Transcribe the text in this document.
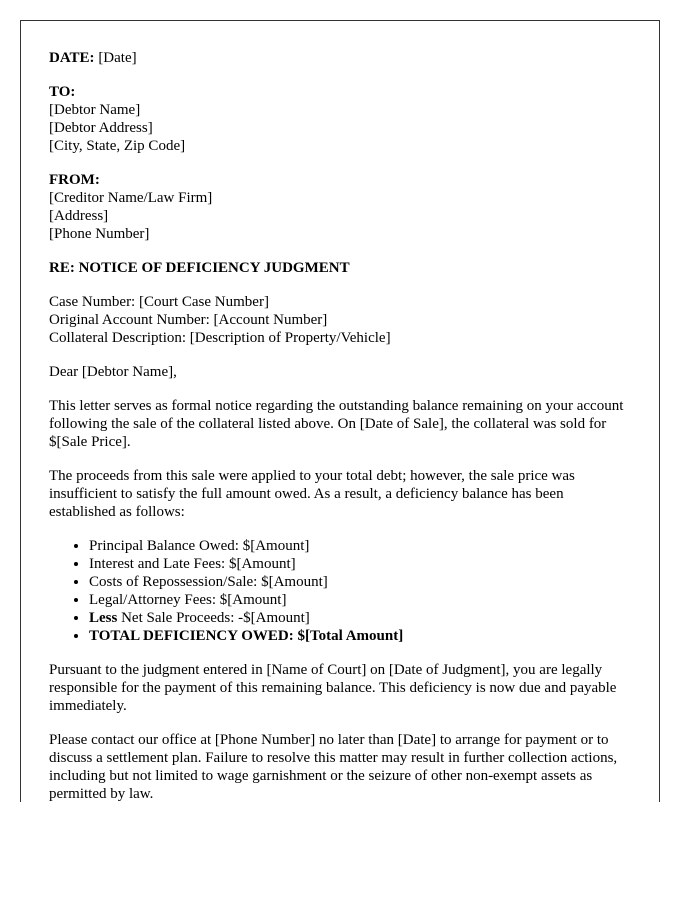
DATE: [Date]

TO:
[Debtor Name]
[Debtor Address]
[City, State, Zip Code]

FROM:
[Creditor Name/Law Firm]
[Address]
[Phone Number]

RE: NOTICE OF DEFICIENCY JUDGMENT

Case Number: [Court Case Number]
Original Account Number: [Account Number]
Collateral Description: [Description of Property/Vehicle]

Dear [Debtor Name],

This letter serves as formal notice regarding the outstanding balance remaining on your account following the sale of the collateral listed above. On [Date of Sale], the collateral was sold for $[Sale Price].

The proceeds from this sale were applied to your total debt; however, the sale price was insufficient to satisfy the full amount owed. As a result, a deficiency balance has been established as follows:

• Principal Balance Owed: $[Amount]
• Interest and Late Fees: $[Amount]
• Costs of Repossession/Sale: $[Amount]
• Legal/Attorney Fees: $[Amount]
• Less Net Sale Proceeds: -$[Amount]
• TOTAL DEFICIENCY OWED: $[Total Amount]

Pursuant to the judgment entered in [Name of Court] on [Date of Judgment], you are legally responsible for the payment of this remaining balance. This deficiency is now due and payable immediately.

Please contact our office at [Phone Number] no later than [Date] to arrange for payment or to discuss a settlement plan. Failure to resolve this matter may result in further collection actions, including but not limited to wage garnishment or the seizure of other non-exempt assets as permitted by law.
